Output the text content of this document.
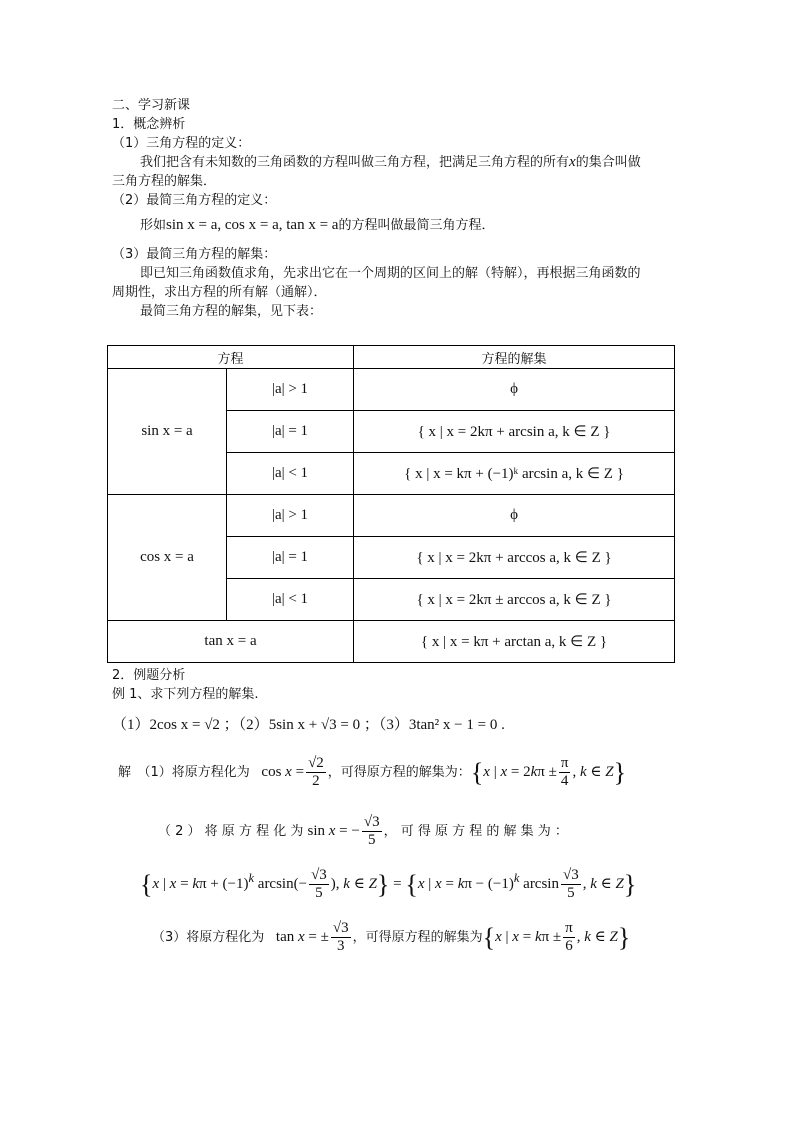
二、学习新课
1．概念辨析
（1）三角方程的定义：
我们把含有未知数的三角函数的方程叫做三角方程，把满足三角方程的所有x的集合叫做
三角方程的解集．
（2）最简三角方程的定义：
形如sin x = a, cos x = a, tan x = a的方程叫做最简三角方程．
（3）最简三角方程的解集：
即已知三角函数值求角，先求出它在一个周期的区间上的解（特解），再根据三角函数的
周期性，求出方程的所有解（通解）．
最简三角方程的解集，见下表：
方程		方程的解集
sin x = a	|a| > 1	ϕ
	|a| = 1	{ x | x = 2kπ + arcsin a, k ∈ Z }
	|a| < 1	{ x | x = kπ + (−1)ᵏ arcsin a, k ∈ Z }
cos x = a	|a| > 1	ϕ
	|a| = 1	{ x | x = 2kπ + arccos a, k ∈ Z }
	|a| < 1	{ x | x = 2kπ ± arccos a, k ∈ Z }
tan x = a		{ x | x = kπ + arctan a, k ∈ Z }
2．例题分析
例 1、求下列方程的解集.
（1）2cos x = √2 ；（2）5sin x + √3 = 0 ；（3）3tan² x − 1 = 0 .
解　（1）将原方程化为   $\cos x = \frac{√2}{2}$ ，可得原方程的解集为：{x | $x = 2k\pi \pm \frac{\pi}{4}$ , k ∈ Z}
（ 2 ） 将 原 方 程 化 为 sin x = − $\frac{√3}{5}$ ， 可 得 原 方 程 的 解 集 为 ：
{x | $x = k\pi + (-1)^k$ $\arcsin(- \frac{√3}{5}$ ), k ∈ Z} = {x | $x = k\pi - (-1)^k$ $\arcsin \frac{√3}{5}$ , k ∈ Z}
（3）将原方程化为   tan x = ± $\frac{√3}{3}$ ，可得原方程的解集为{x | $x = k\pi \pm \frac{\pi}{6}$ , k ∈ Z}
